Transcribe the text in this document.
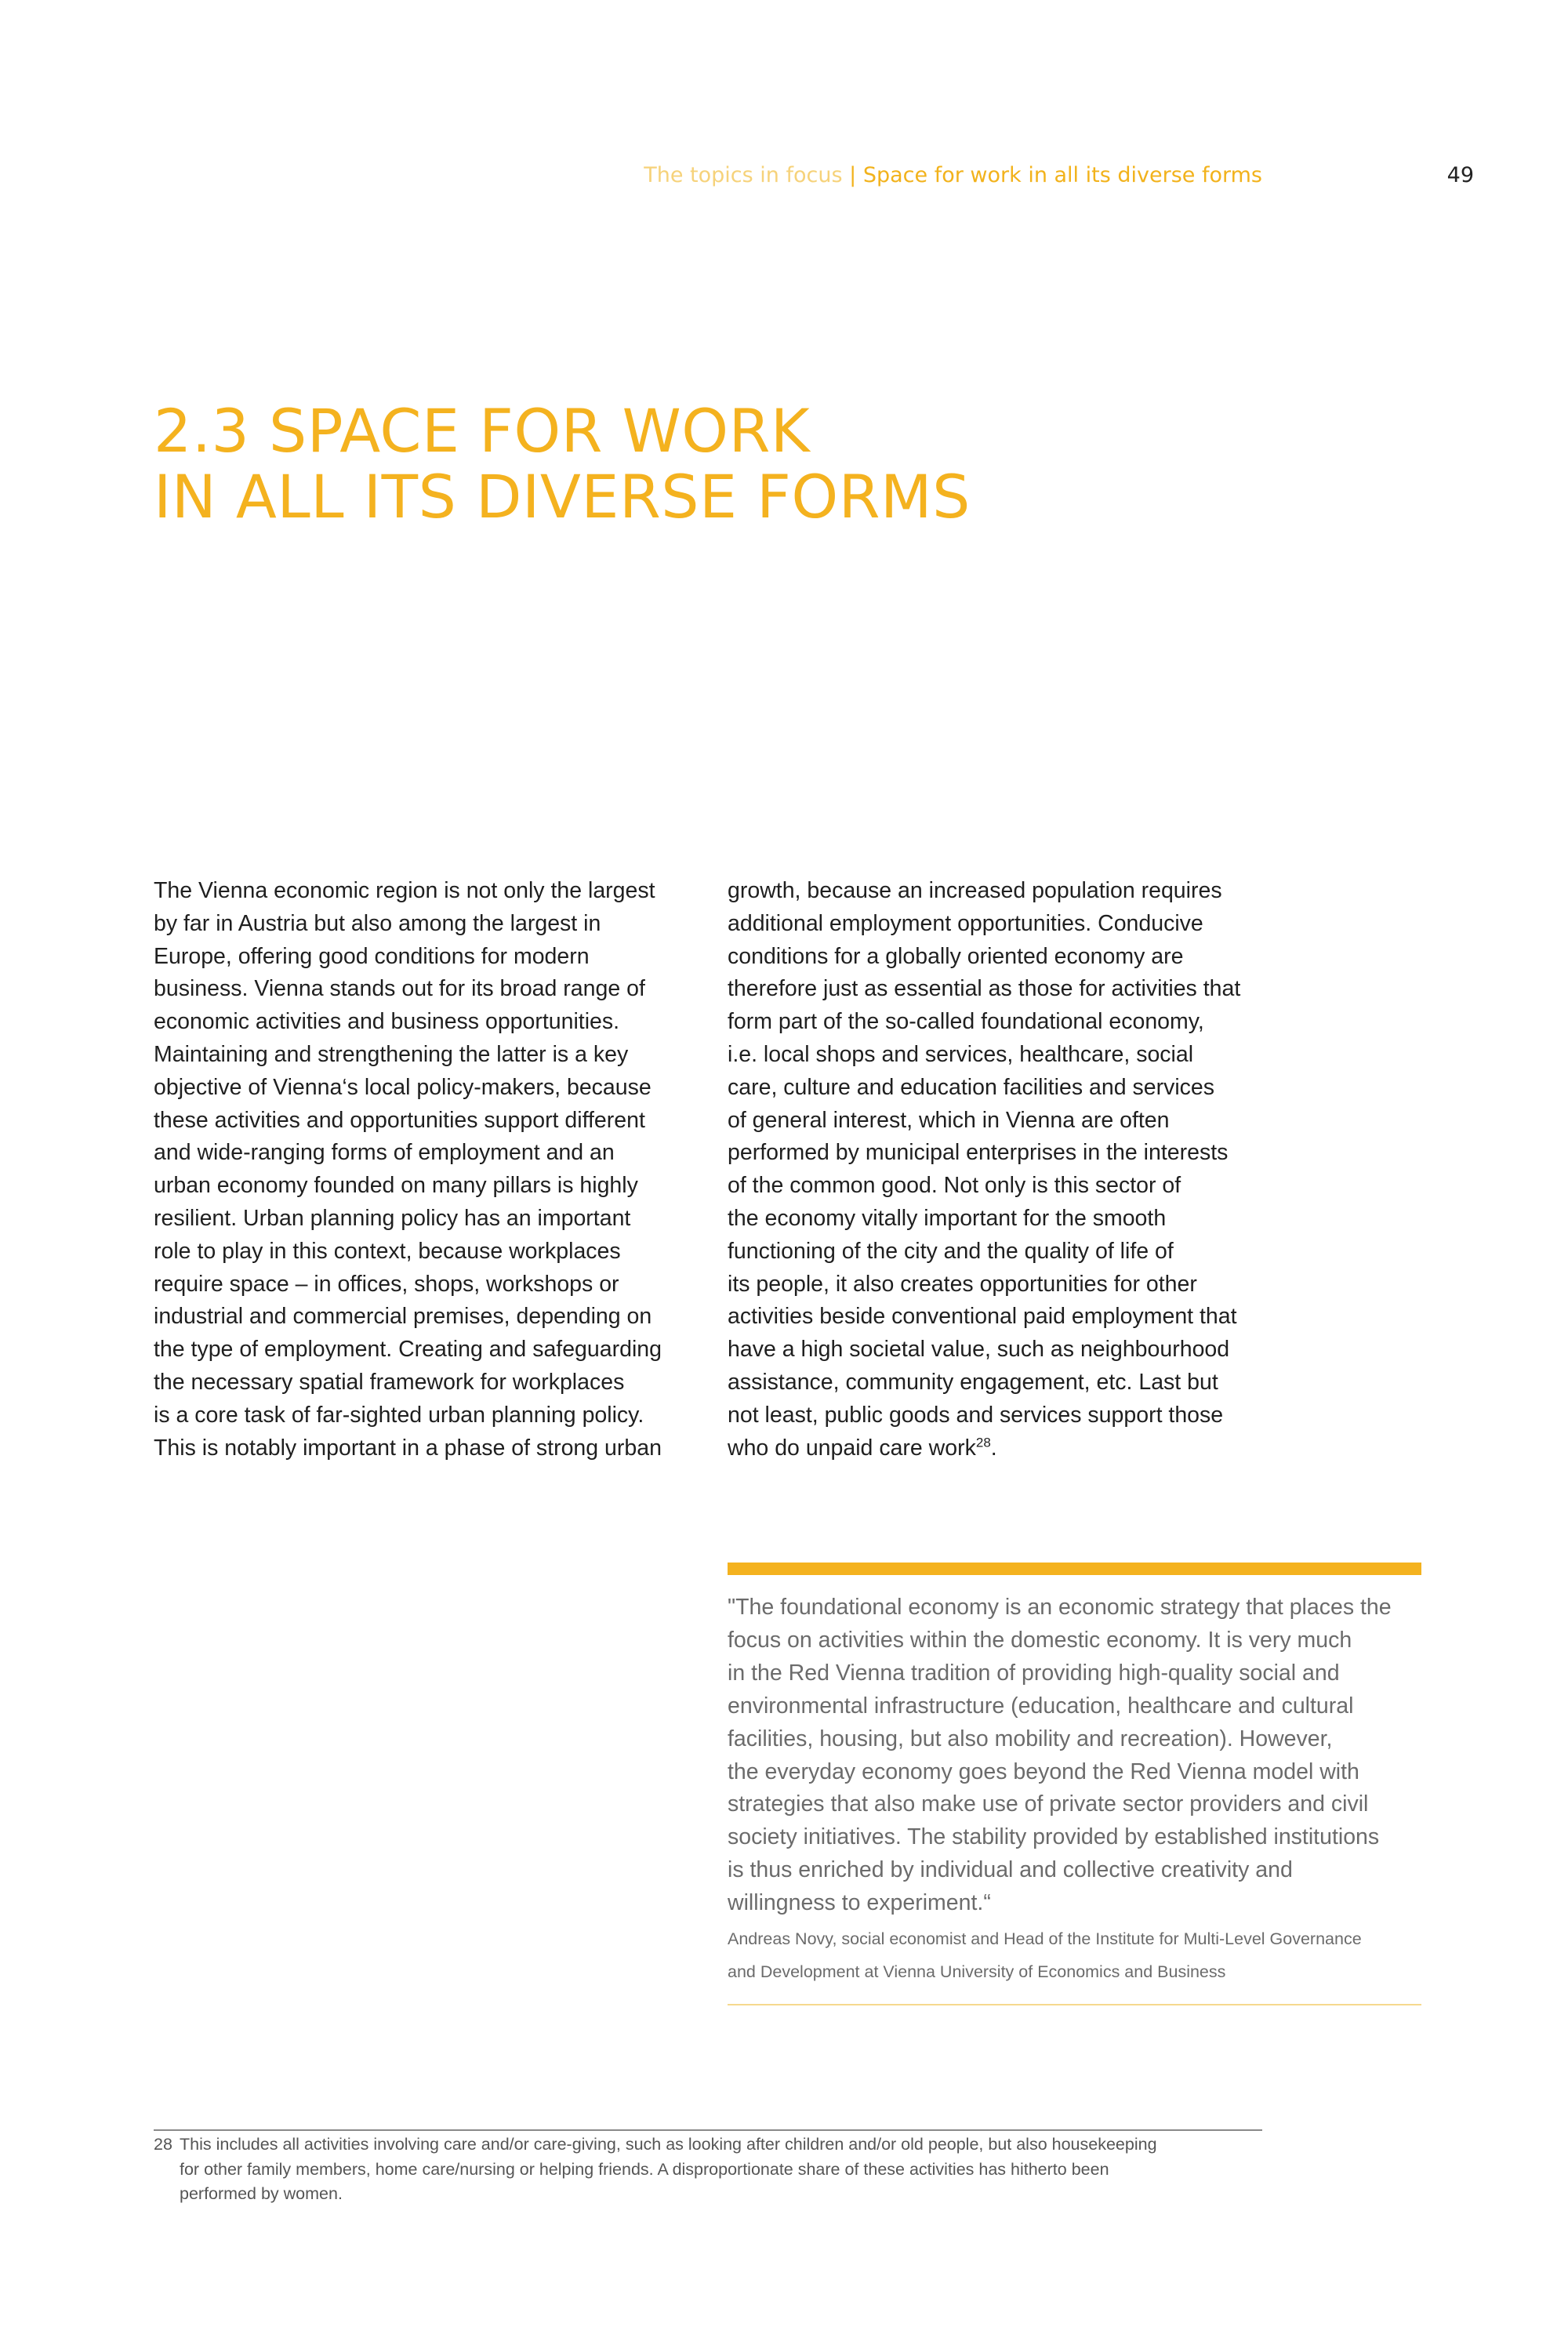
The topics in focus | Space for work in all its diverse forms	49
2.3 SPACE FOR WORK
IN ALL ITS DIVERSE FORMS
The Vienna economic region is not only the largest
by far in Austria but also among the largest in
Europe, offering good conditions for modern
business. Vienna stands out for its broad range of
economic activities and business opportunities.
Maintaining and strengthening the latter is a key
objective of Vienna‘s local policy-makers, because
these activities and opportunities support different
and wide-ranging forms of employment and an
urban economy founded on many pillars is highly
resilient. Urban planning policy has an important
role to play in this context, because workplaces
require space – in offices, shops, workshops or
industrial and commercial premises, depending on
the type of employment. Creating and safeguarding
the necessary spatial framework for workplaces
is a core task of far-sighted urban planning policy.
This is notably important in a phase of strong urban
growth, because an increased population requires
additional employment opportunities. Conducive
conditions for a globally oriented economy are
therefore just as essential as those for activities that
form part of the so-called foundational economy,
i.e. local shops and services, healthcare, social
care, culture and education facilities and services
of general interest, which in Vienna are often
performed by municipal enterprises in the interests
of the common good. Not only is this sector of
the economy vitally important for the smooth
functioning of the city and the quality of life of
its people, it also creates opportunities for other
activities beside conventional paid employment that
have a high societal value, such as neighbourhood
assistance, community engagement, etc. Last but
not least, public goods and services support those
who do unpaid care work$^{28}$.
"The foundational economy is an economic strategy that places the
focus on activities within the domestic economy. It is very much
in the Red Vienna tradition of providing high-quality social and
environmental infrastructure (education, healthcare and cultural
facilities, housing, but also mobility and recreation). However,
the everyday economy goes beyond the Red Vienna model with
strategies that also make use of private sector providers and civil
society initiatives. The stability provided by established institutions
is thus enriched by individual and collective creativity and
willingness to experiment.“
Andreas Novy, social economist and Head of the Institute for Multi-Level Governance
and Development at Vienna University of Economics and Business
28 This includes all activities involving care and/or care-giving, such as looking after children and/or old people, but also housekeeping
for other family members, home care/nursing or helping friends. A disproportionate share of these activities has hitherto been
performed by women.
